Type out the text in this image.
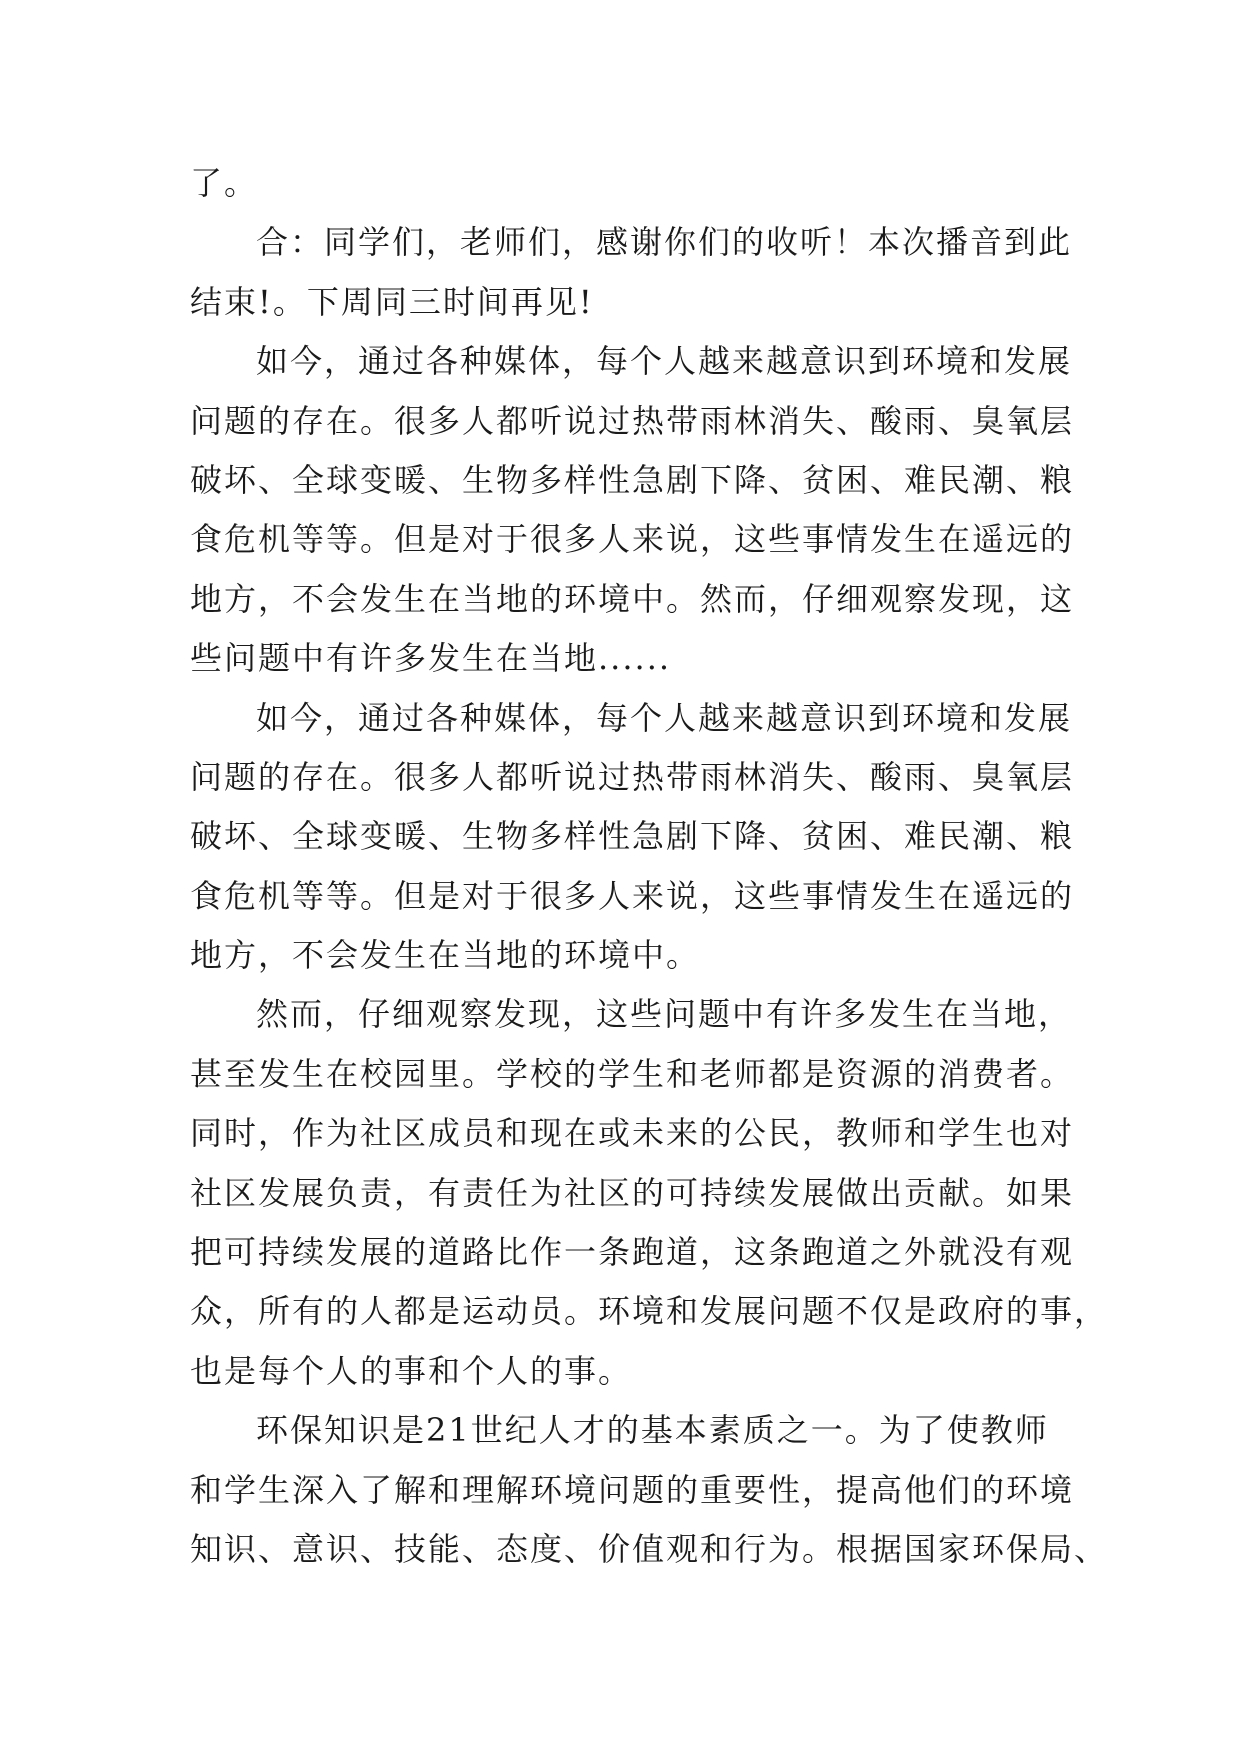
了。
合：同学们，老师们，感谢你们的收听！本次播音到此
结束!。下周同三时间再见!
如今，通过各种媒体，每个人越来越意识到环境和发展
问题的存在。很多人都听说过热带雨林消失、酸雨、臭氧层
破坏、全球变暖、生物多样性急剧下降、贫困、难民潮、粮
食危机等等。但是对于很多人来说，这些事情发生在遥远的
地方，不会发生在当地的环境中。然而，仔细观察发现，这
些问题中有许多发生在当地......
如今，通过各种媒体，每个人越来越意识到环境和发展
问题的存在。很多人都听说过热带雨林消失、酸雨、臭氧层
破坏、全球变暖、生物多样性急剧下降、贫困、难民潮、粮
食危机等等。但是对于很多人来说，这些事情发生在遥远的
地方，不会发生在当地的环境中。
然而，仔细观察发现，这些问题中有许多发生在当地，
甚至发生在校园里。学校的学生和老师都是资源的消费者。
同时，作为社区成员和现在或未来的公民，教师和学生也对
社区发展负责，有责任为社区的可持续发展做出贡献。如果
把可持续发展的道路比作一条跑道，这条跑道之外就没有观
众，所有的人都是运动员。环境和发展问题不仅是政府的事，
也是每个人的事和个人的事。
环保知识是21世纪人才的基本素质之一。为了使教师
和学生深入了解和理解环境问题的重要性，提高他们的环境
知识、意识、技能、态度、价值观和行为。根据国家环保局、
